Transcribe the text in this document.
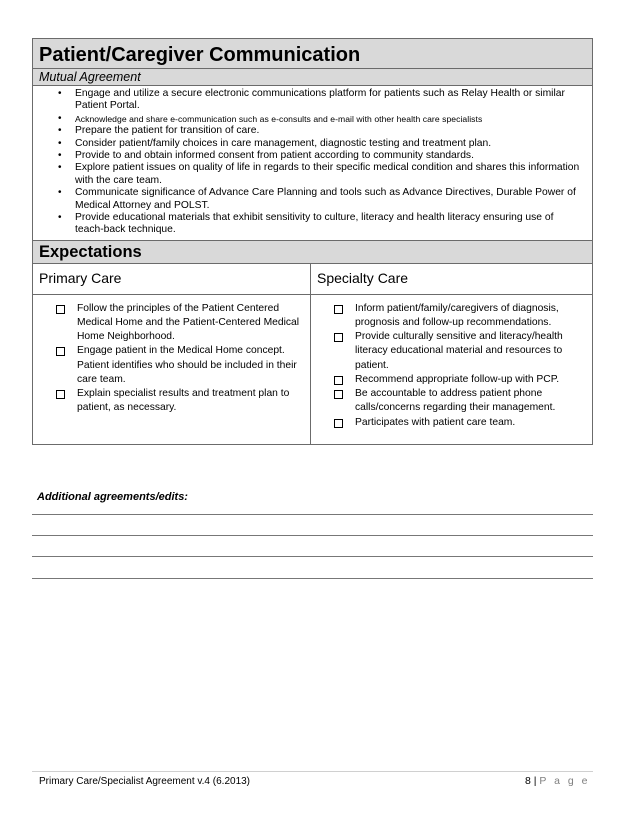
Patient/Caregiver Communication
Mutual Agreement
• Engage and utilize a secure electronic communications platform for patients such as Relay Health or similar Patient Portal.
• Acknowledge and share e-communication such as e-consults and e-mail with other health care specialists
• Prepare the patient for transition of care.
• Consider patient/family choices in care management, diagnostic testing and treatment plan.
• Provide to and obtain informed consent from patient according to community standards.
• Explore patient issues on quality of life in regards to their specific medical condition and shares this information with the care team.
• Communicate significance of Advance Care Planning and tools such as Advance Directives, Durable Power of Medical Attorney and POLST.
• Provide educational materials that exhibit sensitivity to culture, literacy and health literacy ensuring use of teach-back technique.
Expectations
Primary Care
Follow the principles of the Patient Centered Medical Home and the Patient-Centered Medical Home Neighborhood.
Engage patient in the Medical Home concept. Patient identifies who should be included in their care team.
Explain specialist results and treatment plan to patient, as necessary.
Specialty Care
Inform patient/family/caregivers of diagnosis, prognosis and follow-up recommendations.
Provide culturally sensitive and literacy/health literacy educational material and resources to patient.
Recommend appropriate follow-up with PCP.
Be accountable to address patient phone calls/concerns regarding their management.
Participates with patient care team.
Additional agreements/edits:
Primary Care/Specialist Agreement v.4 (6.2013)	8 | P a g e
